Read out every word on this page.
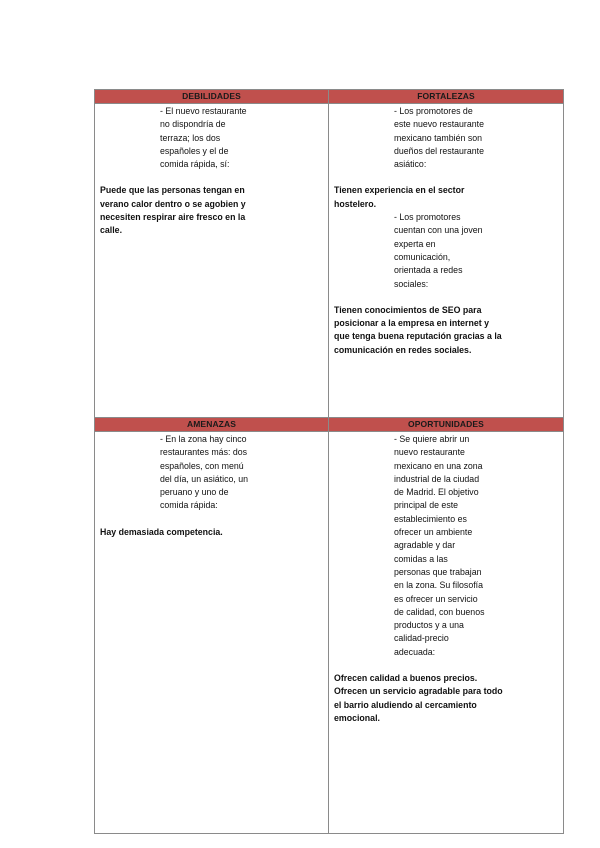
DEBILIDADES
- El nuevo restaurante no dispondría de terraza; los dos españoles y el de comida rápida, sí:
Puede que las personas tengan en verano calor dentro o se agobien y necesiten respirar aire fresco en la calle.
FORTALEZAS
- Los promotores de este nuevo restaurante mexicano también son dueños del restaurante asiático:
Tienen experiencia en el sector hostelero.
- Los promotores cuentan con una joven experta en comunicación, orientada a redes sociales:
Tienen conocimientos de SEO para posicionar a la empresa en internet y que tenga buena reputación gracias a la comunicación en redes sociales.
AMENAZAS
- En la zona hay cinco restaurantes más: dos españoles, con menú del día, un asiático, un peruano y uno de comida rápida:
Hay demasiada competencia.
OPORTUNIDADES
- Se quiere abrir un nuevo restaurante mexicano en una zona industrial de la ciudad de Madrid. El objetivo principal de este establecimiento es ofrecer un ambiente agradable y dar comidas a las personas que trabajan en la zona. Su filosofía es ofrecer un servicio de calidad, con buenos productos y a una calidad-precio adecuada:
Ofrecen calidad a buenos precios. Ofrecen un servicio agradable para todo el barrio aludiendo al cercamiento emocional.
